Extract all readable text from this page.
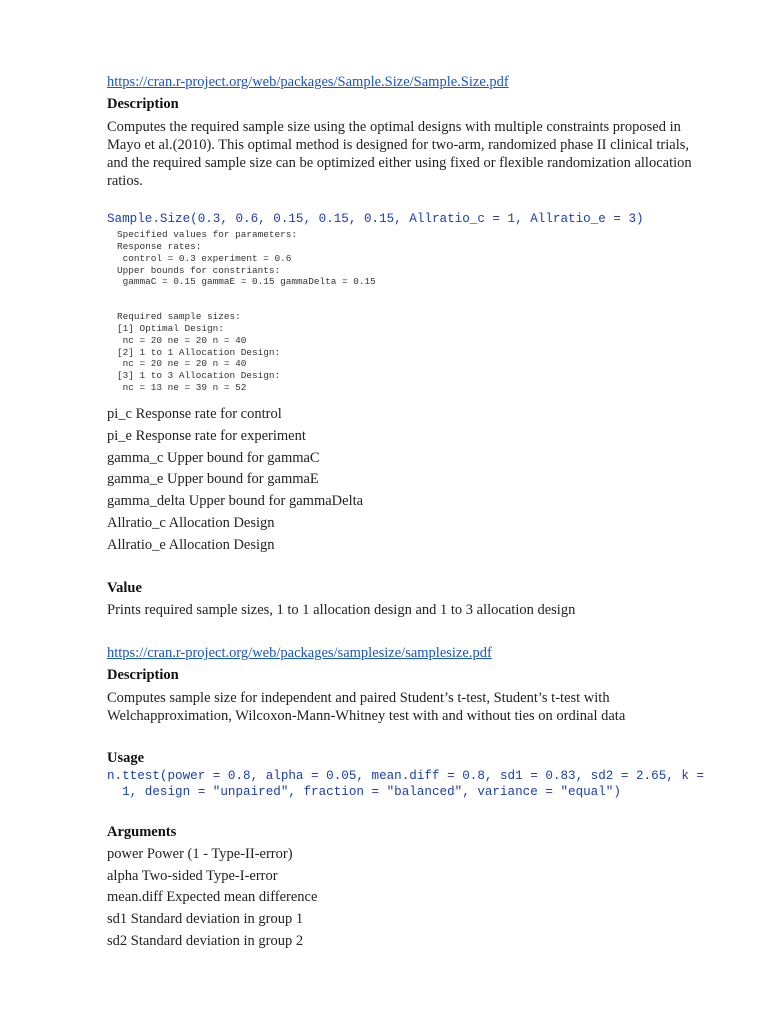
https://cran.r-project.org/web/packages/Sample.Size/Sample.Size.pdf
Description
Computes the required sample size using the optimal designs with multiple constraints proposed in
Mayo et al.(2010). This optimal method is designed for two-arm, randomized phase II clinical trials,
and the required sample size can be optimized either using fixed or flexible randomization allocation
ratios.
Sample.Size(0.3, 0.6, 0.15, 0.15, 0.15, Allratio_c = 1, Allratio_e = 3)
Specified values for parameters:
Response rates:
control = 0.3 experiment = 0.6
Upper bounds for constriants:
gammaC = 0.15 gammaE = 0.15 gammaDelta = 0.15
Required sample sizes:
[1] Optimal Design:
nc = 20 ne = 20 n = 40
[2] 1 to 1 Allocation Design:
nc = 20 ne = 20 n = 40
[3] 1 to 3 Allocation Design:
nc = 13 ne = 39 n = 52
pi_c Response rate for control
pi_e Response rate for experiment
gamma_c Upper bound for gammaC
gamma_e Upper bound for gammaE
gamma_delta Upper bound for gammaDelta
Allratio_c Allocation Design
Allratio_e Allocation Design
Value
Prints required sample sizes, 1 to 1 allocation design and 1 to 3 allocation design
https://cran.r-project.org/web/packages/samplesize/samplesize.pdf
Description
Computes sample size for independent and paired Student’s t-test, Student’s t-test with
Welchapproximation, Wilcoxon-Mann-Whitney test with and without ties on ordinal data
Usage
n.ttest(power = 0.8, alpha = 0.05, mean.diff = 0.8, sd1 = 0.83, sd2 = 2.65, k =
1, design = "unpaired", fraction = "balanced", variance = "equal")
Arguments
power Power (1 - Type-II-error)
alpha Two-sided Type-I-error
mean.diff Expected mean difference
sd1 Standard deviation in group 1
sd2 Standard deviation in group 2
